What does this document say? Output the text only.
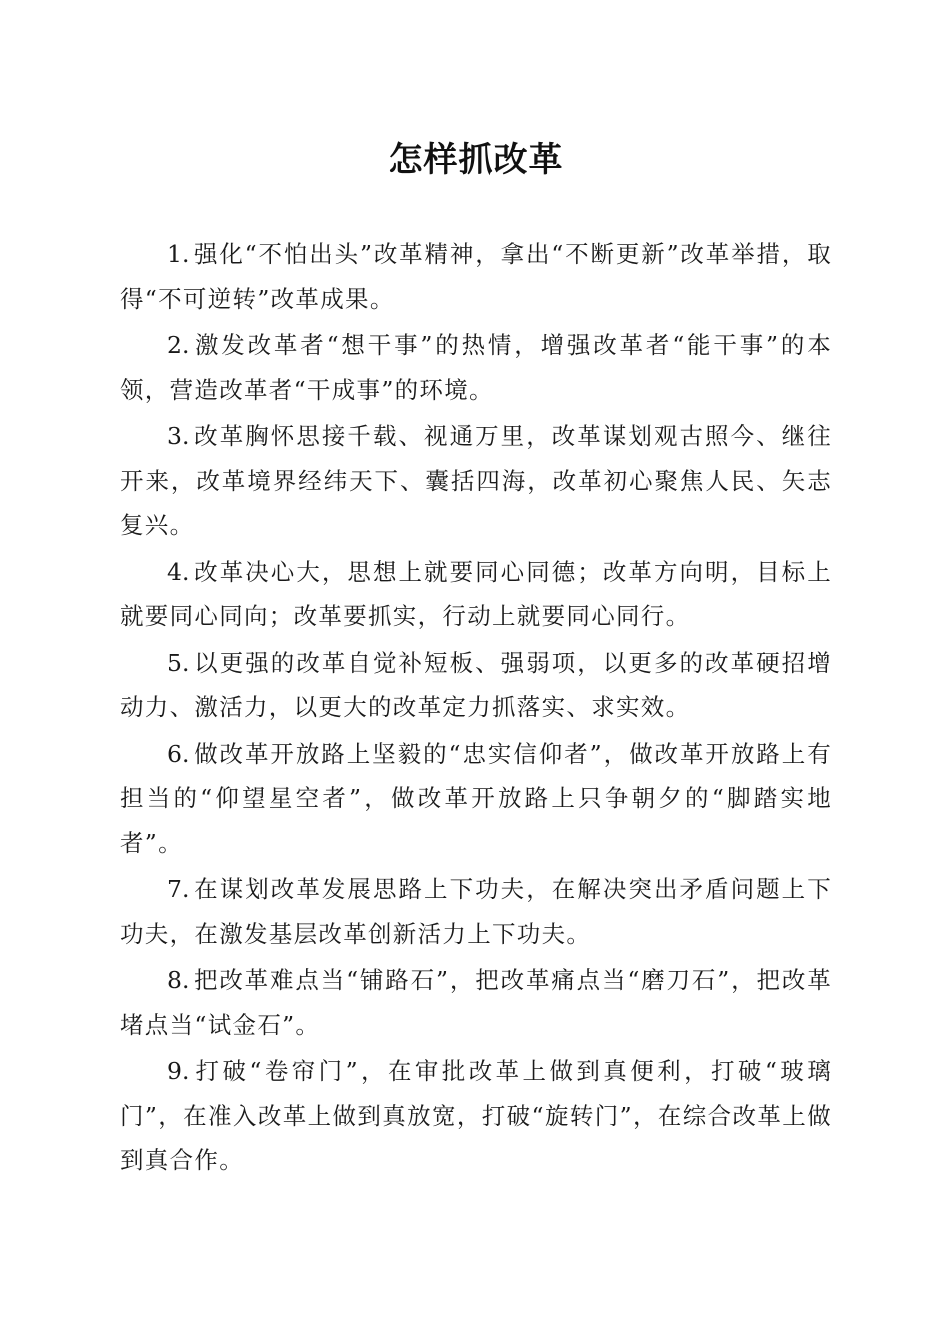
怎样抓改革

1. 强化“不怕出头”改革精神，拿出“不断更新”改革举措，取得“不可逆转”改革成果。

2. 激发改革者“想干事”的热情，增强改革者“能干事”的本领，营造改革者“干成事”的环境。

3. 改革胸怀思接千载、视通万里，改革谋划观古照今、继往开来，改革境界经纬天下、囊括四海，改革初心聚焦人民、矢志复兴。

4. 改革决心大，思想上就要同心同德；改革方向明，目标上就要同心同向；改革要抓实，行动上就要同心同行。

5. 以更强的改革自觉补短板、强弱项，以更多的改革硬招增动力、激活力，以更大的改革定力抓落实、求实效。

6. 做改革开放路上坚毅的“忠实信仰者”，做改革开放路上有担当的“仰望星空者”，做改革开放路上只争朝夕的“脚踏实地者”。

7. 在谋划改革发展思路上下功夫，在解决突出矛盾问题上下功夫，在激发基层改革创新活力上下功夫。

8. 把改革难点当“铺路石”，把改革痛点当“磨刀石”，把改革堵点当“试金石”。

9. 打破“卷帘门”，在审批改革上做到真便利，打破“玻璃门”，在准入改革上做到真放宽，打破“旋转门”，在综合改革上做到真合作。
